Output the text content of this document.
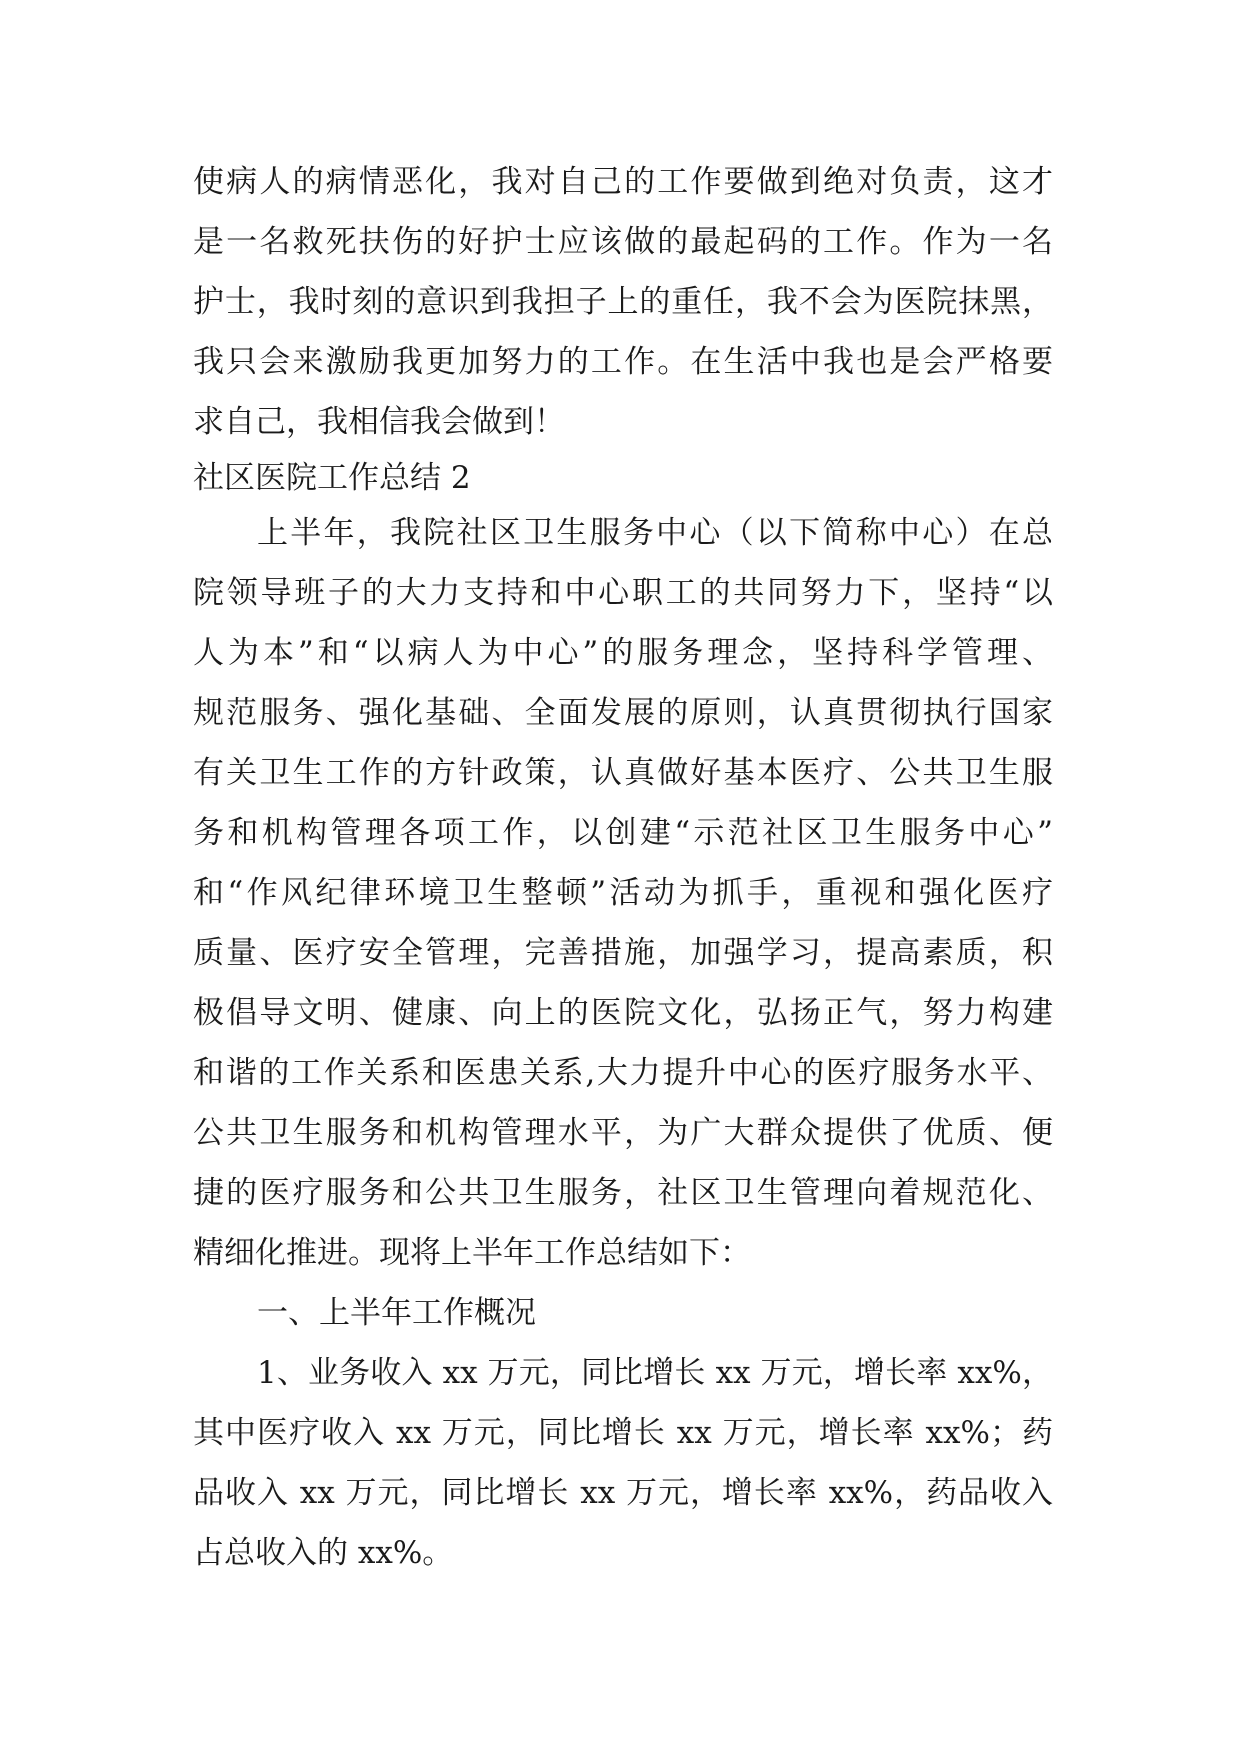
使病人的病情恶化，我对自己的工作要做到绝对负责，这才

是一名救死扶伤的好护士应该做的最起码的工作。作为一名

护士，我时刻的意识到我担子上的重任，我不会为医院抹黑，

我只会来激励我更加努力的工作。在生活中我也是会严格要

求自己，我相信我会做到！

社区医院工作总结 2

上半年，我院社区卫生服务中心（以下简称中心）在总

院领导班子的大力支持和中心职工的共同努力下，坚持“以

人为本”和“以病人为中心”的服务理念，坚持科学管理、

规范服务、强化基础、全面发展的原则，认真贯彻执行国家

有关卫生工作的方针政策，认真做好基本医疗、公共卫生服

务和机构管理各项工作，以创建“示范社区卫生服务中心”

和“作风纪律环境卫生整顿”活动为抓手，重视和强化医疗

质量、医疗安全管理，完善措施，加强学习，提高素质，积

极倡导文明、健康、向上的医院文化，弘扬正气，努力构建

和谐的工作关系和医患关系,大力提升中心的医疗服务水平、

公共卫生服务和机构管理水平，为广大群众提供了优质、便

捷的医疗服务和公共卫生服务，社区卫生管理向着规范化、

精细化推进。现将上半年工作总结如下：

一、上半年工作概况

1、业务收入 xx 万元，同比增长 xx 万元，增长率 xx%，

其中医疗收入 xx 万元，同比增长 xx 万元，增长率 xx%；药

品收入 xx 万元，同比增长 xx 万元，增长率 xx%，药品收入

占总收入的 xx%。
